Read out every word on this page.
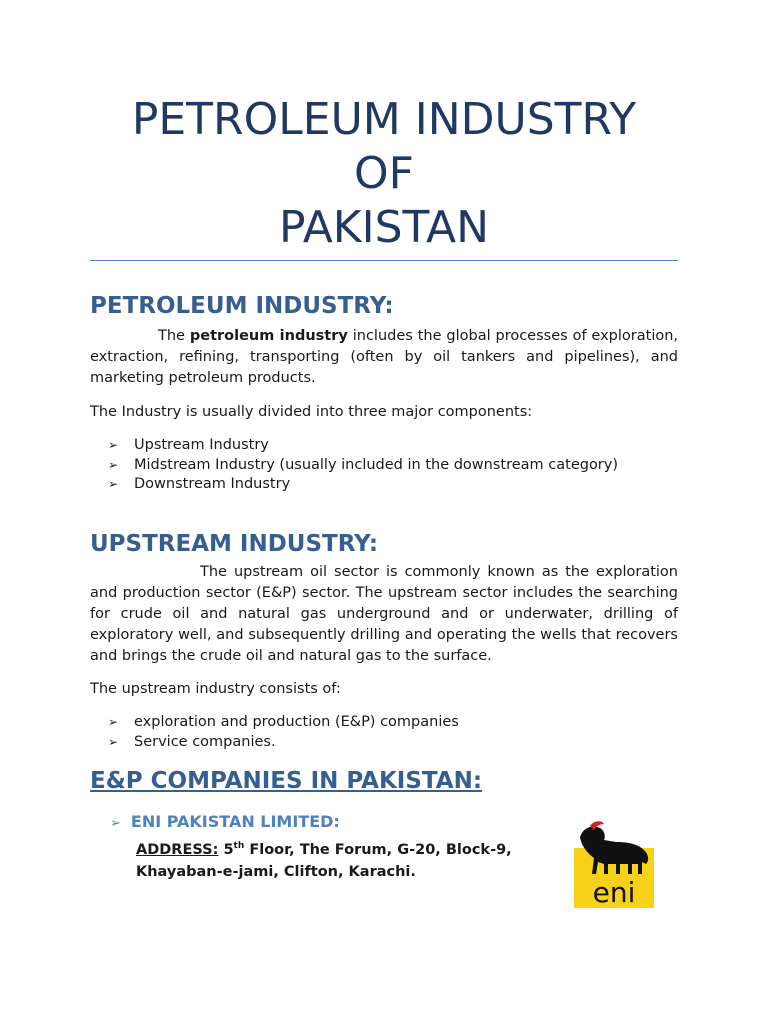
PETROLEUM INDUSTRY
OF
PAKISTAN
PETROLEUM INDUSTRY:

The petroleum industry includes the global processes of exploration, extraction, refining, transporting (often by oil tankers and pipelines), and marketing petroleum products.

The Industry is usually divided into three major components:

➢ Upstream Industry
➢ Midstream Industry (usually included in the downstream category)
➢ Downstream Industry
UPSTREAM INDUSTRY:

The upstream oil sector is commonly known as the exploration and production sector (E&P) sector. The upstream sector includes the searching for crude oil and natural gas underground and or underwater, drilling of exploratory well, and subsequently drilling and operating the wells that recovers and brings the crude oil and natural gas to the surface.

The upstream industry consists of:

➢ exploration and production (E&P) companies
➢ Service companies.
E&P COMPANIES IN PAKISTAN:
➢ ENI PAKISTAN LIMITED:
ADDRESS: 5th Floor, The Forum, G-20, Block-9,
Khayaban-e-jami, Clifton, Karachi.
eni
